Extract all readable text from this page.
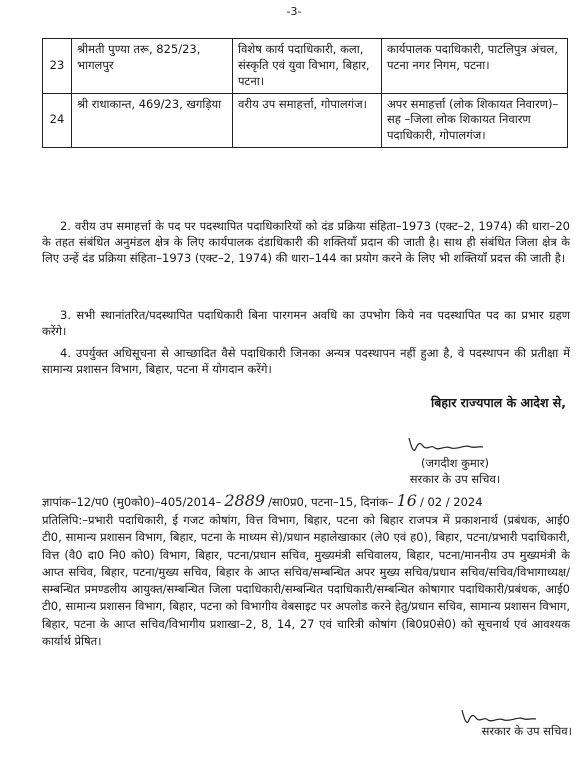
-3-
23	श्रीमती पुण्या तरू, 825/23, भागलपुर	विशेष कार्य पदाधिकारी, कला, संस्कृति एवं युवा विभाग, बिहार, पटना।	कार्यपालक पदाधिकारी, पाटलिपुत्र अंचल, पटना नगर निगम, पटना।
24	श्री राधाकान्त, 469/23, खगड़िया	वरीय उप समाहर्त्ता, गोपालगंज।	अपर समाहर्त्ता (लोक शिकायत निवारण)–सह –जिला लोक शिकायत निवारण पदाधिकारी, गोपालगंज।
2. वरीय उप समाहर्त्ता के पद पर पदस्थापित पदाधिकारियों को दंड प्रक्रिया संहिता–1973 (एक्ट–2, 1974) की धारा–20 के तहत संबंधित अनुमंडल क्षेत्र के लिए कार्यपालक दंडाधिकारी की शक्तियाँ प्रदान की जाती है। साथ ही संबंधित जिला क्षेत्र के लिए उन्हें दंड प्रक्रिया संहिता–1973 (एक्ट–2, 1974) की धारा–144 का प्रयोग करने के लिए भी शक्तियाँ प्रदत्त की जाती है।
3. सभी स्थानांतरित/पदस्थापित पदाधिकारी बिना पारगमन अवधि का उपभोग किये नव पदस्थापित पद का प्रभार ग्रहण करेंगे।
4. उपर्युक्त अधिसूचना से आच्छादित वैसे पदाधिकारी जिनका अन्यत्र पदस्थापन नहीं हुआ है, वे पदस्थापन की प्रतीक्षा में सामान्य प्रशासन विभाग, बिहार, पटना में योगदान करेंगे।
बिहार राज्यपाल के आदेश से,
(जगदीश कुमार)
सरकार के उप सचिव।
ज्ञापांक–12/प0 (मु0को0)–405/2014– 2889 /सा0प्र0, पटना–15, दिनांक– 16 / 02 / 2024
प्रतिलिपि:–प्रभारी पदाधिकारी, ई गजट कोषांग, वित्त विभाग, बिहार, पटना को बिहार राजपत्र में प्रकाशनार्थ (प्रबंधक, आई0 टी0, सामान्य प्रशासन विभाग, बिहार, पटना के माध्यम से)/प्रधान महालेखाकार (ले0 एवं ह0), बिहार, पटना/प्रभारी पदाधिकारी, वित्त (वै0 दा0 नि0 को0) विभाग, बिहार, पटना/प्रधान सचिव, मुख्यमंत्री सचिवालय, बिहार, पटना/माननीय उप मुख्यमंत्री के आप्त सचिव, बिहार, पटना/मुख्य सचिव, बिहार के आप्त सचिव/सम्बन्धित अपर मुख्य सचिव/प्रधान सचिव/सचिव/विभागाध्यक्ष/सम्बन्धित प्रमण्डलीय आयुक्त/सम्बन्धित जिला पदाधिकारी/सम्बन्धित पदाधिकारी/सम्बन्धित कोषागार पदाधिकारी/प्रबंधक, आई0 टी0, सामान्य प्रशासन विभाग, बिहार, पटना को विभागीय वेबसाइट पर अपलोड करने हेतु/प्रधान सचिव, सामान्य प्रशासन विभाग, बिहार, पटना के आप्त सचिव/विभागीय प्रशाखा–2, 8, 14, 27 एवं चारित्री कोषांग (बि0प्र0से0) को सूचनार्थ एवं आवश्यक कार्यार्थ प्रेषित।
सरकार के उप सचिव।
